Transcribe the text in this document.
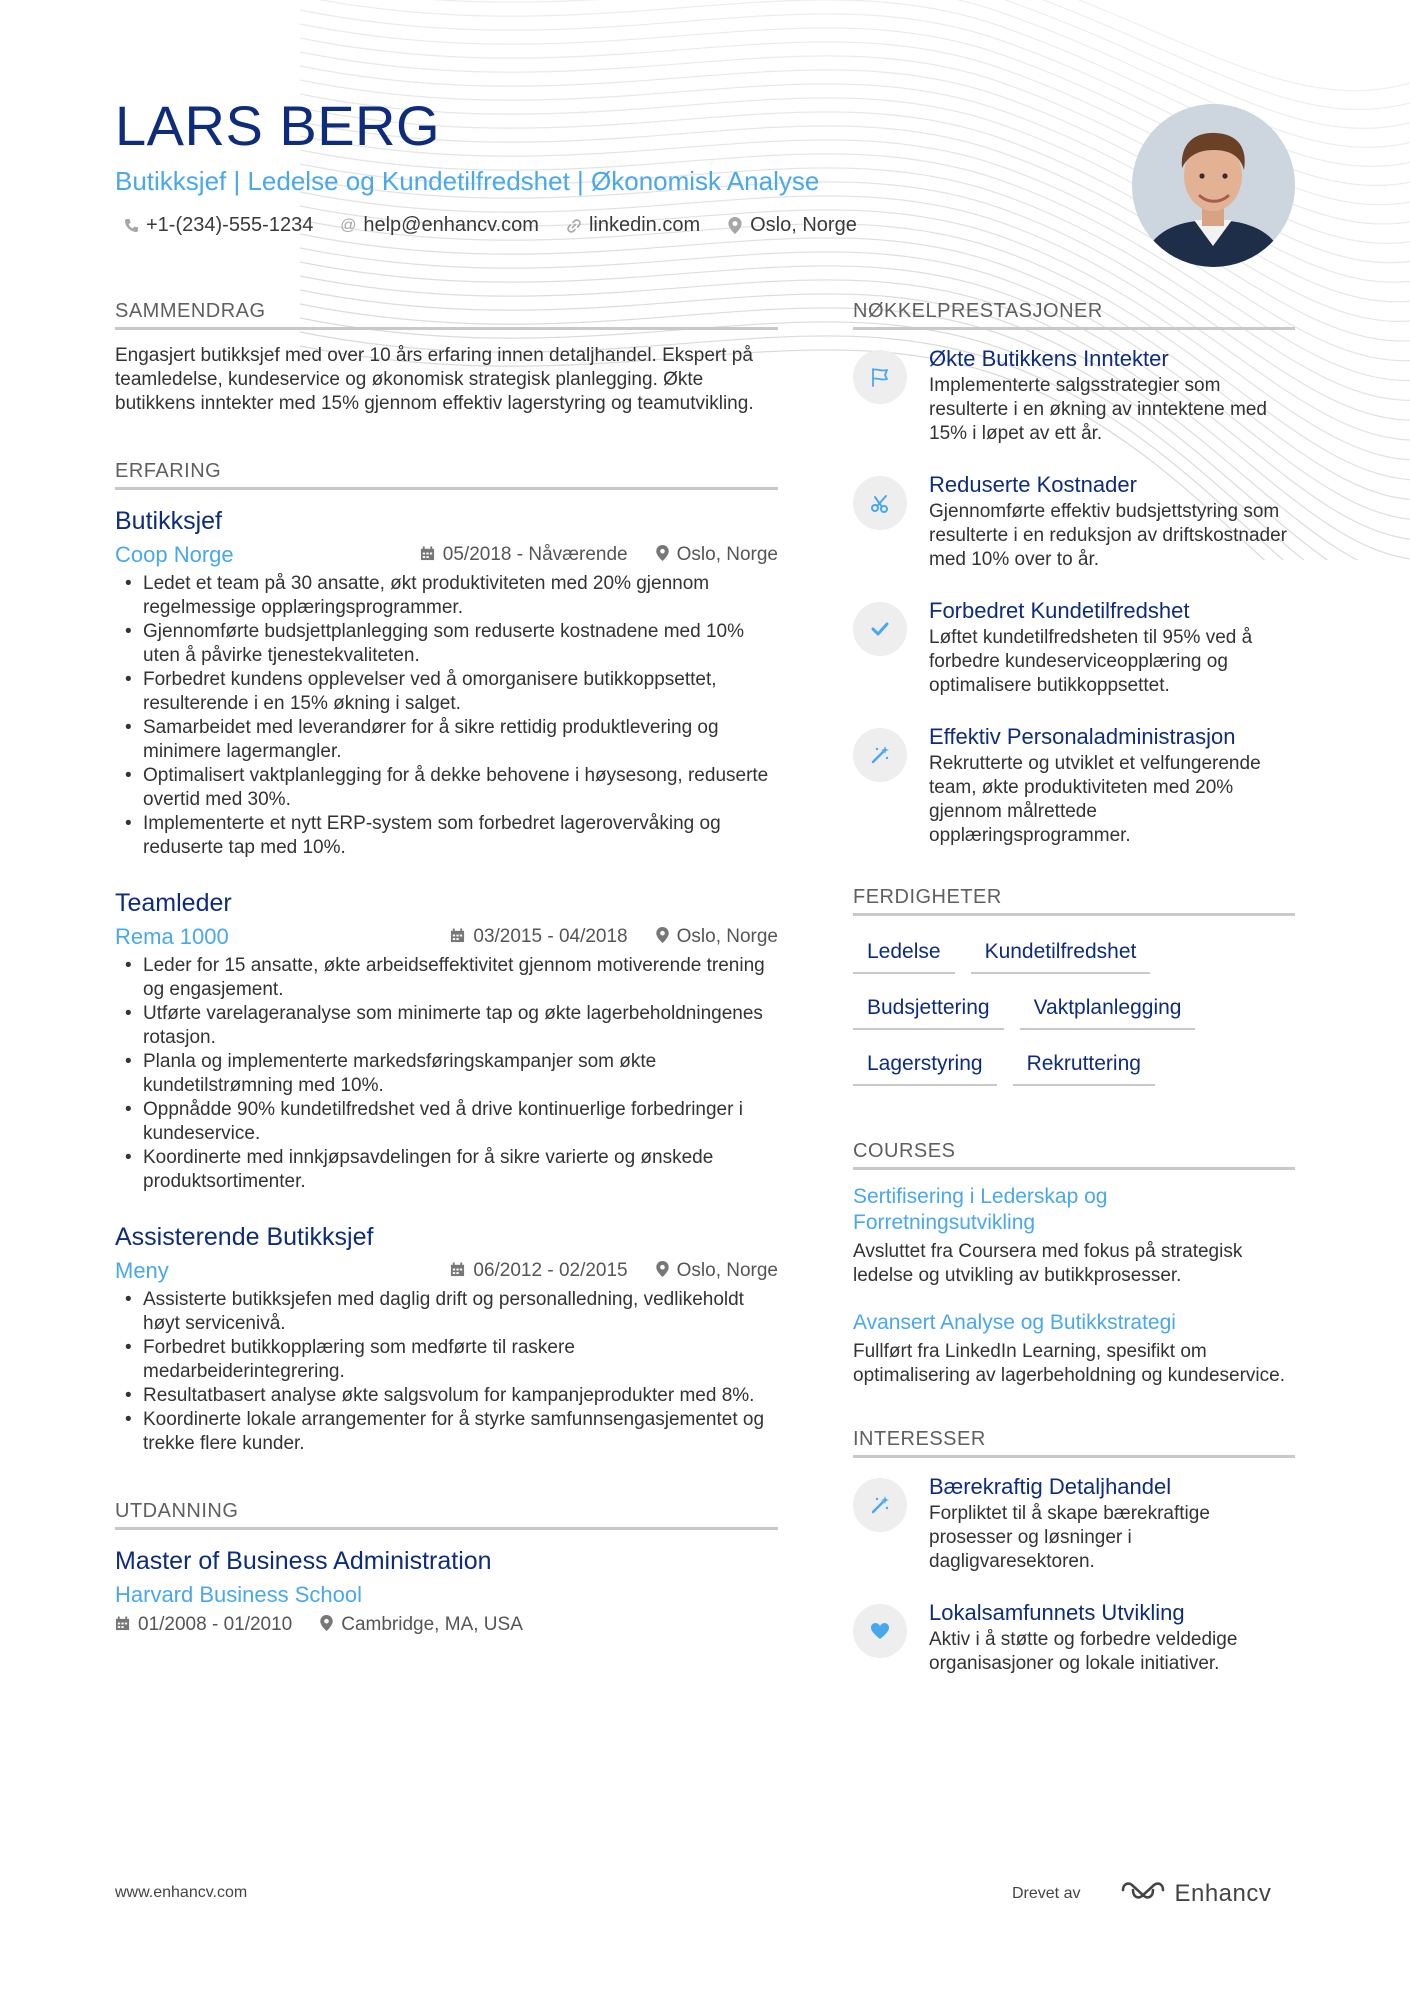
LARS BERG
Butikksjef | Ledelse og Kundetilfredshet | Økonomisk Analyse
+1-(234)-555-1234 @ help@enhancv.com	linkedin.com	Oslo, Norge
SAMMENDRAG
Engasjert butikksjef med over 10 års erfaring innen detaljhandel. Ekspert på teamledelse, kundeservice og økonomisk strategisk planlegging. Økte butikkens inntekter med 15% gjennom effektiv lagerstyring og teamutvikling.
ERFARING
Butikksjef
Coop Norge	05/2018 - Nåværende	Oslo, Norge
• Ledet et team på 30 ansatte, økt produktiviteten med 20% gjennom regelmessige opplæringsprogrammer.
• Gjennomførte budsjettplanlegging som reduserte kostnadene med 10% uten å påvirke tjenestekvaliteten.
• Forbedret kundens opplevelser ved å omorganisere butikkoppsettet, resulterende i en 15% økning i salget.
• Samarbeidet med leverandører for å sikre rettidig produktlevering og minimere lagermangler.
• Optimalisert vaktplanlegging for å dekke behovene i høysesong, reduserte overtid med 30%.
• Implementerte et nytt ERP-system som forbedret lagerovervåking og reduserte tap med 10%.
Teamleder
Rema 1000	03/2015 - 04/2018	Oslo, Norge
• Leder for 15 ansatte, økte arbeidseffektivitet gjennom motiverende trening og engasjement.
• Utførte varelageranalyse som minimerte tap og økte lagerbeholdningenes rotasjon.
• Planla og implementerte markedsføringskampanjer som økte kundetilstrømning med 10%.
• Oppnådde 90% kundetilfredshet ved å drive kontinuerlige forbedringer i kundeservice.
• Koordinerte med innkjøpsavdelingen for å sikre varierte og ønskede produktsortimenter.
Assisterende Butikksjef
Meny	06/2012 - 02/2015	Oslo, Norge
• Assisterte butikksjefen med daglig drift og personalledning, vedlikeholdt høyt servicenivå.
• Forbedret butikkopplæring som medførte til raskere medarbeiderintegrering.
• Resultatbasert analyse økte salgsvolum for kampanjeprodukter med 8%.
• Koordinerte lokale arrangementer for å styrke samfunnsengasjementet og trekke flere kunder.
UTDANNING
Master of Business Administration
Harvard Business School
01/2008 - 01/2010	Cambridge, MA, USA
NØKKELPRESTASJONER
Økte Butikkens Inntekter
Implementerte salgsstrategier som resulterte i en økning av inntektene med 15% i løpet av ett år.
Reduserte Kostnader
Gjennomførte effektiv budsjettstyring som resulterte i en reduksjon av driftskostnader med 10% over to år.
Forbedret Kundetilfredshet
Løftet kundetilfredsheten til 95% ved å forbedre kundeserviceopplæring og optimalisere butikkoppsettet.
Effektiv Personaladministrasjon
Rekrutterte og utviklet et velfungerende team, økte produktiviteten med 20% gjennom målrettede opplæringsprogrammer.
FERDIGHETER
Ledelse	Kundetilfredshet
Budsjettering	Vaktplanlegging
Lagerstyring	Rekruttering
COURSES
Sertifisering i Lederskap og Forretningsutvikling
Avsluttet fra Coursera med fokus på strategisk ledelse og utvikling av butikkprosesser.
Avansert Analyse og Butikkstrategi
Fullført fra LinkedIn Learning, spesifikt om optimalisering av lagerbeholdning og kundeservice.
INTERESSER
Bærekraftig Detaljhandel
Forpliktet til å skape bærekraftige prosesser og løsninger i dagligvaresektoren.
Lokalsamfunnets Utvikling
Aktiv i å støtte og forbedre veldedige organisasjoner og lokale initiativer.
www.enhancv.com	Drevet av	Enhancv
